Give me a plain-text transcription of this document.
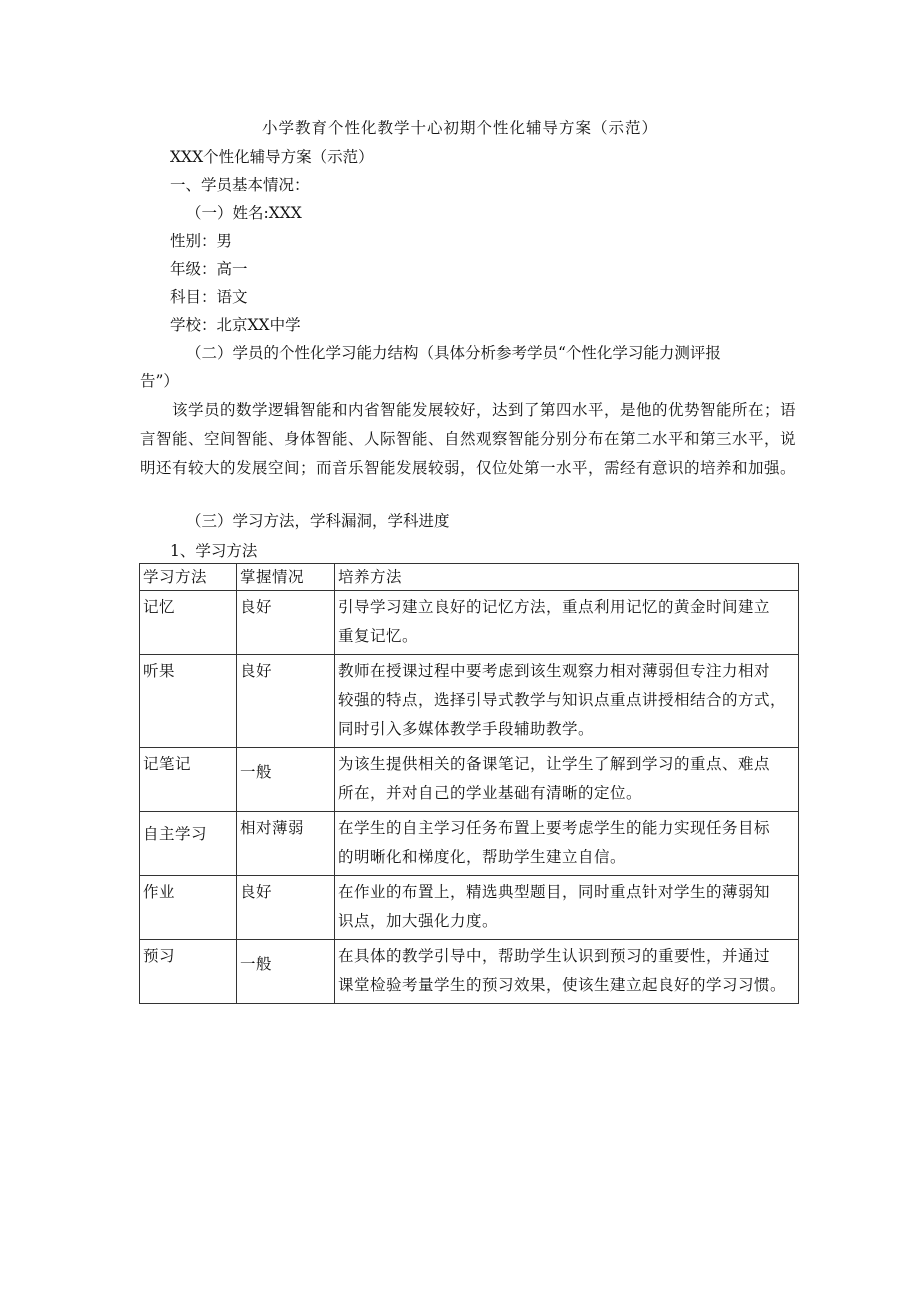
小学教育个性化教学十心初期个性化辅导方案（示范）
XXX个性化辅导方案（示范）
一、学员基本情况：
（一）姓名:XXX
性别：男
年级：高一
科目：语文
学校：北京XX中学
（二）学员的个性化学习能力结构（具体分析参考学员“个性化学习能力测评报
告”）
该学员的数学逻辑智能和内省智能发展较好，达到了第四水平，是他的优势智能所在；语言智能、空间智能、身体智能、人际智能、自然观察智能分别分布在第二水平和第三水平，说明还有较大的发展空间；而音乐智能发展较弱，仅位处第一水平，需经有意识的培养和加强。
（三）学习方法，学科漏洞，学科进度
1、学习方法
学习方法	掌握情况	培养方法
记忆	良好	引导学习建立良好的记忆方法，重点利用记忆的黄金时间建立
重复记忆。

听果	良好	教师在授课过程中要考虑到该生观察力相对薄弱但专注力相对
较强的特点，选择引导式教学与知识点重点讲授相结合的方式，同时引入多媒体教学手段辅助教学。

记笔记	一般	为该生提供相关的备课笔记，让学生了解到学习的重点、难点
所在，并对自己的学业基础有清晰的定位。

自主学习	相对薄弱	在学生的自主学习任务布置上要考虑学生的能力实现任务目标
的明晰化和梯度化，帮助学生建立自信。

作业	良好	在作业的布置上，精选典型题目，同时重点针对学生的薄弱知
识点，加大强化力度。

预习	一般	在具体的教学引导中，帮助学生认识到预习的重要性，并通过
课堂检验考量学生的预习效果，使该生建立起良好的学习习惯。
